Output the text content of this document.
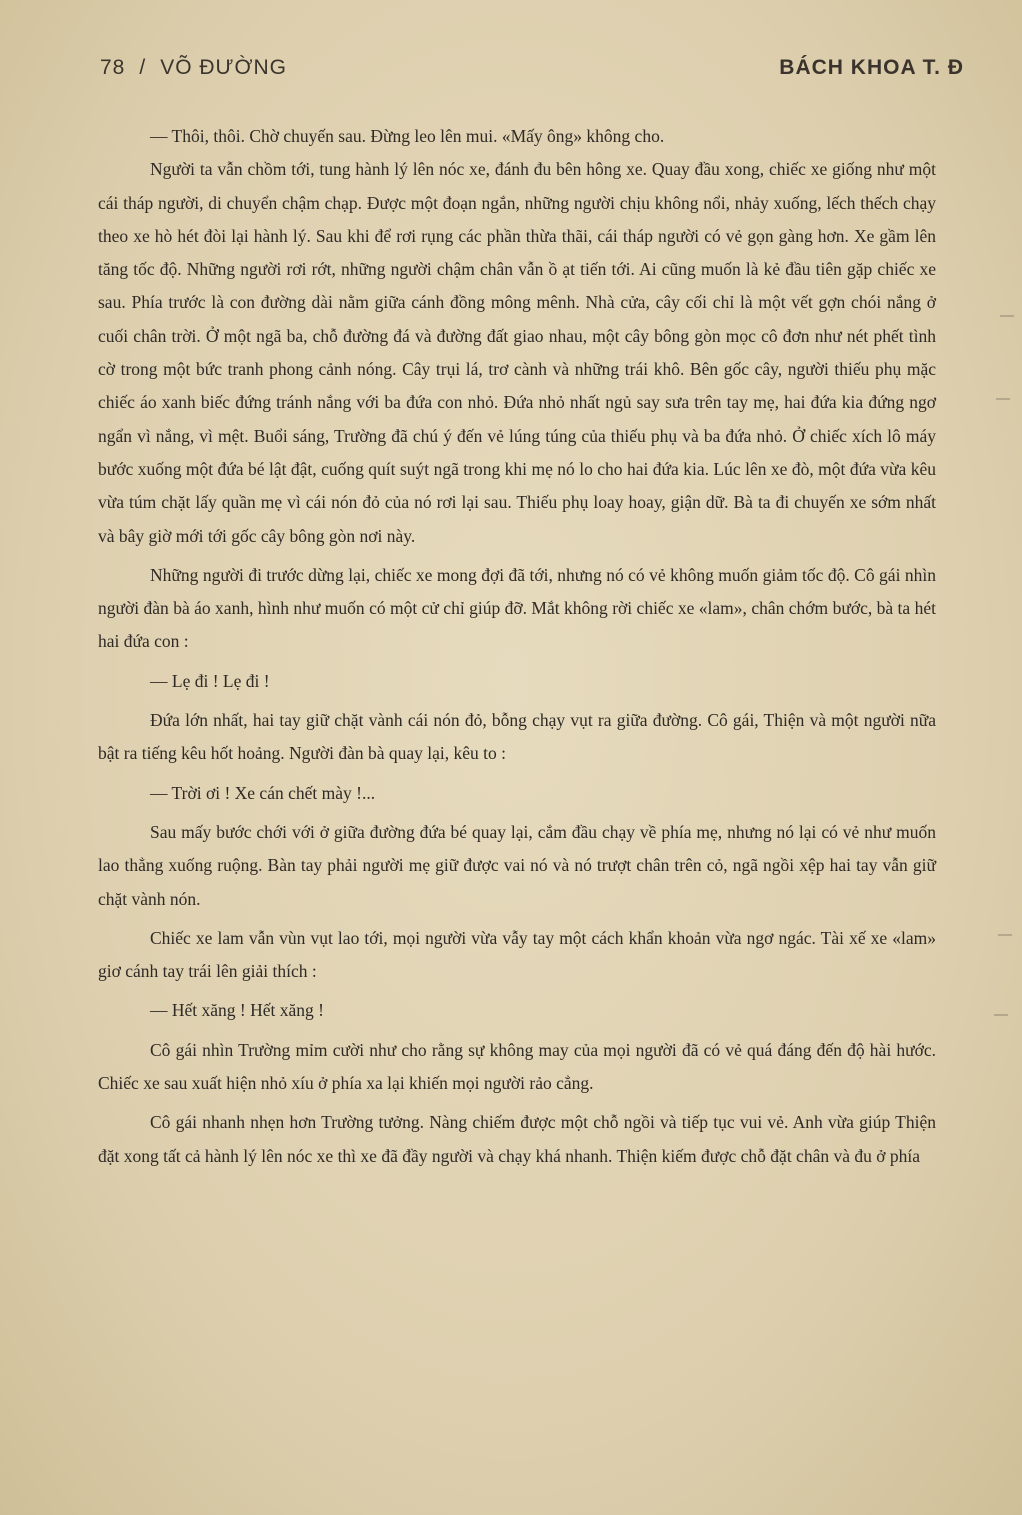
78 / VÕ ĐƯỜNG	BÁCH KHOA T. Đ

— Thôi, thôi. Chờ chuyến sau. Đừng leo lên mui. «Mấy ông» không cho.

Người ta vẫn chồm tới, tung hành lý lên nóc xe, đánh đu bên hông xe. Quay đầu xong, chiếc xe giống như một cái tháp người, di chuyển chậm chạp. Được một đoạn ngắn, những người chịu không nổi, nhảy xuống, lếch thếch chạy theo xe hò hét đòi lại hành lý. Sau khi để rơi rụng các phần thừa thãi, cái tháp người có vẻ gọn gàng hơn. Xe gầm lên tăng tốc độ. Những người rơi rớt, những người chậm chân vẫn ồ ạt tiến tới. Ai cũng muốn là kẻ đầu tiên gặp chiếc xe sau. Phía trước là con đường dài nằm giữa cánh đồng mông mênh. Nhà cửa, cây cối chỉ là một vết gợn chói nắng ở cuối chân trời. Ở một ngã ba, chỗ đường đá và đường đất giao nhau, một cây bông gòn mọc cô đơn như nét phết tình cờ trong một bức tranh phong cảnh nóng. Cây trụi lá, trơ cành và những trái khô. Bên gốc cây, người thiếu phụ mặc chiếc áo xanh biếc đứng tránh nắng với ba đứa con nhỏ. Đứa nhỏ nhất ngủ say sưa trên tay mẹ, hai đứa kia đứng ngơ ngẩn vì nắng, vì mệt. Buổi sáng, Trường đã chú ý đến vẻ lúng túng của thiếu phụ và ba đứa nhỏ. Ở chiếc xích lô máy bước xuống một đứa bé lật đật, cuống quít suýt ngã trong khi mẹ nó lo cho hai đứa kia. Lúc lên xe đò, một đứa vừa kêu vừa túm chặt lấy quần mẹ vì cái nón đỏ của nó rơi lại sau. Thiếu phụ loay hoay, giận dữ. Bà ta đi chuyến xe sớm nhất và bây giờ mới tới gốc cây bông gòn nơi này.

Những người đi trước dừng lại, chiếc xe mong đợi đã tới, nhưng nó có vẻ không muốn giảm tốc độ. Cô gái nhìn người đàn bà áo xanh, hình như muốn có một cử chỉ giúp đỡ. Mắt không rời chiếc xe «lam», chân chớm bước, bà ta hét hai đứa con :

— Lẹ đi ! Lẹ đi !

Đứa lớn nhất, hai tay giữ chặt vành cái nón đỏ, bỗng chạy vụt ra giữa đường. Cô gái, Thiện và một người nữa bật ra tiếng kêu hốt hoảng. Người đàn bà quay lại, kêu to :

— Trời ơi ! Xe cán chết mày !...

Sau mấy bước chới với ở giữa đường đứa bé quay lại, cắm đầu chạy về phía mẹ, nhưng nó lại có vẻ như muốn lao thẳng xuống ruộng. Bàn tay phải người mẹ giữ được vai nó và nó trượt chân trên cỏ, ngã ngồi xệp hai tay vẫn giữ chặt vành nón.

Chiếc xe lam vẫn vùn vụt lao tới, mọi người vừa vẫy tay một cách khẩn khoản vừa ngơ ngác. Tài xế xe «lam» giơ cánh tay trái lên giải thích :

— Hết xăng ! Hết xăng !

Cô gái nhìn Trường mỉm cười như cho rằng sự không may của mọi người đã có vẻ quá đáng đến độ hài hước. Chiếc xe sau xuất hiện nhỏ xíu ở phía xa lại khiến mọi người rảo cẳng.

Cô gái nhanh nhẹn hơn Trường tưởng. Nàng chiếm được một chỗ ngồi và tiếp tục vui vẻ. Anh vừa giúp Thiện đặt xong tất cả hành lý lên nóc xe thì xe đã đầy người và chạy khá nhanh. Thiện kiếm được chỗ đặt chân và đu ở phía
